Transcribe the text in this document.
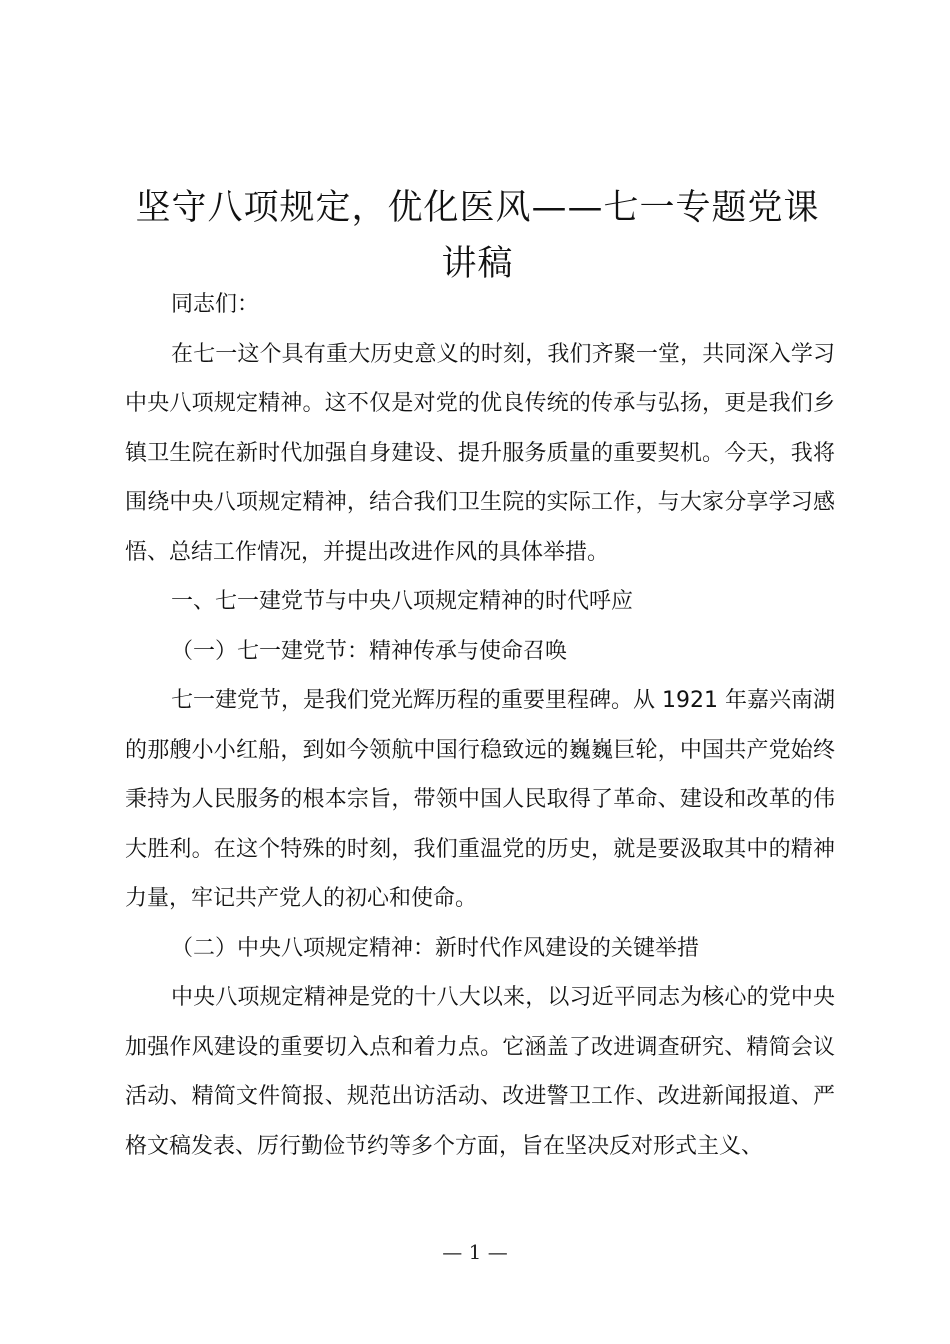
坚守八项规定，优化医风——七一专题党课讲稿

同志们：

在七一这个具有重大历史意义的时刻，我们齐聚一堂，共同深入学习中央八项规定精神。这不仅是对党的优良传统的传承与弘扬，更是我们乡镇卫生院在新时代加强自身建设、提升服务质量的重要契机。今天，我将围绕中央八项规定精神，结合我们卫生院的实际工作，与大家分享学习感悟、总结工作情况，并提出改进作风的具体举措。

一、七一建党节与中央八项规定精神的时代呼应

（一）七一建党节：精神传承与使命召唤

七一建党节，是我们党光辉历程的重要里程碑。从 1921 年嘉兴南湖的那艘小小红船，到如今领航中国行稳致远的巍巍巨轮，中国共产党始终秉持为人民服务的根本宗旨，带领中国人民取得了革命、建设和改革的伟大胜利。在这个特殊的时刻，我们重温党的历史，就是要汲取其中的精神力量，牢记共产党人的初心和使命。

（二）中央八项规定精神：新时代作风建设的关键举措

中央八项规定精神是党的十八大以来，以习近平同志为核心的党中央加强作风建设的重要切入点和着力点。它涵盖了改进调查研究、精简会议活动、精简文件简报、规范出访活动、改进警卫工作、改进新闻报道、严格文稿发表、厉行勤俭节约等多个方面，旨在坚决反对形式主义、

— 1 —
